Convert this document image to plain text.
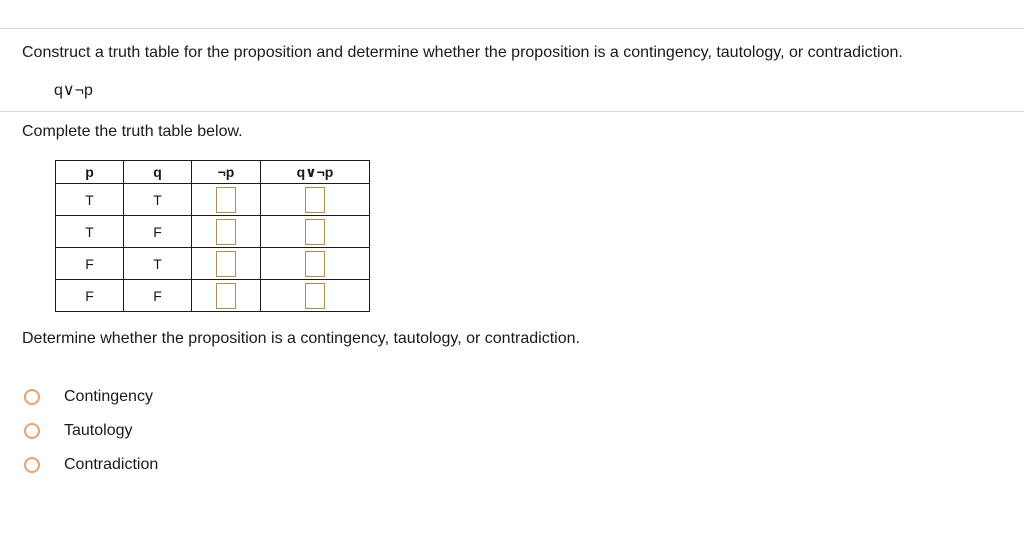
Construct a truth table for the proposition and determine whether the proposition is a contingency, tautology, or contradiction.
q∨¬p
Complete the truth table below.
p	q	¬p	q∨¬p
T	T		
T	F		
F	T		
F	F		
Determine whether the proposition is a contingency, tautology, or contradiction.
Contingency
Tautology
Contradiction
